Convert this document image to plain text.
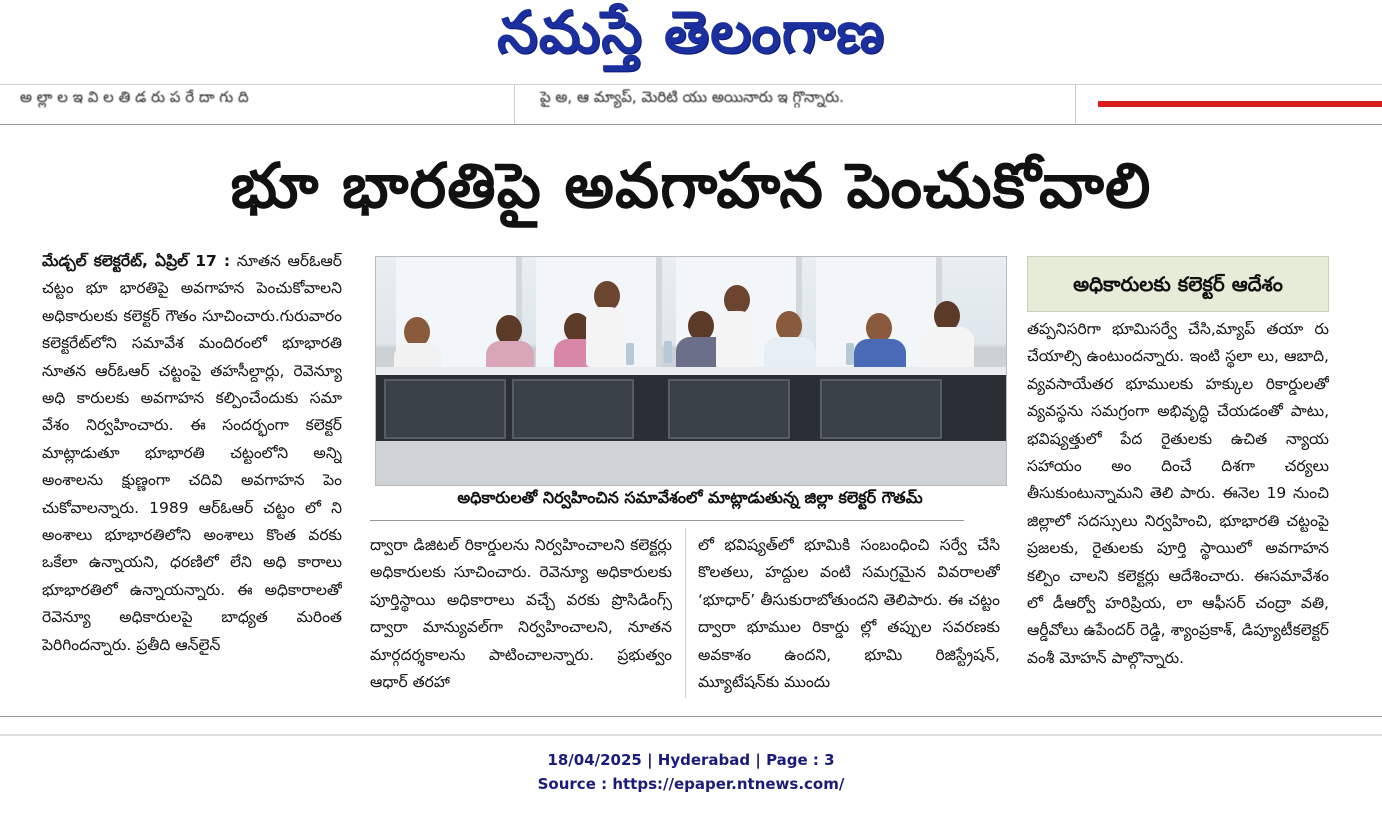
నమస్తే తెలంగాణ
అ ల్లా ల ఇ వి ల తి డ రు ప రే దా గు ది	పై అ, ఆ మ్యాప్, మెరిటి యు అయినారు ఇ గ్గొన్నారు.
భూ భారతిపై అవగాహన పెంచుకోవాలి

మేడ్చల్ కలెక్టరేట్, ఏప్రిల్ 17 : నూతన ఆర్‌ఓఆర్ చట్టం భూ భారతిపై అవగాహన పెంచుకోవాలని అధికారులకు కలెక్టర్ గౌతం సూచించారు.గురువారం కలెక్టరేట్‌లోని సమావేశ మందిరంలో భూభారతి నూతన ఆర్‌ఓఆర్ చట్టంపై తహసీల్దార్లు, రెవెన్యూ అధి కారులకు అవగాహన కల్పించేందుకు సమా వేశం నిర్వహించారు. ఈ సందర్భంగా కలెక్టర్ మాట్లాడుతూ భూభారతి చట్టంలోని అన్ని అంశాలను క్షుణ్ణంగా చదివి అవగాహన పెం చుకోవాలన్నారు. 1989 ఆర్‌ఓఆర్ చట్టం లో ని అంశాలు భూభారతిలోని అంశాలు కొంత వరకు ఒకేలా ఉన్నాయని, ధరణిలో లేని అధి కారాలు భూభారతిలో ఉన్నాయన్నారు. ఈ అధికారాలతో రెవెన్యూ అధికారులపై బాధ్యత మరింత పెరిగిందన్నారు. ప్రతీది ఆన్‌లైన్

అధికారులతో నిర్వహించిన సమావేశంలో మాట్లాడుతున్న జిల్లా కలెక్టర్ గౌతమ్

ద్వారా డిజిటల్ రికార్డులను నిర్వహించాలని కలెక్టర్లు అధికారులకు సూచించారు. రెవెన్యూ అధికారులకు పూర్తిస్థాయి అధికారాలు వచ్చే వరకు ప్రొసిడింగ్స్ ద్వారా మాన్యువల్‌గా నిర్వహించాలని, నూతన మార్గదర్శకాలను పాటించాలన్నారు. ప్రభుత్వం ఆధార్ తరహా

లో భవిష్యత్‌లో భూమికి సంబంధించి సర్వే చేసి కొలతలు, హద్దుల వంటి సమగ్రమైన వివరాలతో ‘భూధార్’ తీసుకురాబోతుందని తెలిపారు. ఈ చట్టం ద్వారా భూముల రికార్డు ల్లో తప్పుల సవరణకు అవకాశం ఉందని, భూమి రిజిస్ట్రేషన్, మ్యూటేషన్‌కు ముందు

అధికారులకు కలెక్టర్ ఆదేశం

తప్పనిసరిగా భూమిసర్వే చేసి,మ్యాప్ తయా రు చేయాల్సి ఉంటుందన్నారు. ఇంటి స్థలా లు, ఆబాది, వ్యవసాయేతర భూములకు హక్కుల రికార్డులతో వ్యవస్థను సమగ్రంగా అభివృద్ధి చేయడంతో పాటు, భవిష్యత్తులో పేద రైతులకు ఉచిత న్యాయ సహాయం అం దించే దిశగా చర్యలు తీసుకుంటున్నామని తెలి పారు. ఈనెల 19 నుంచి జిల్లాలో సదస్సులు నిర్వహించి, భూభారతి చట్టంపై ప్రజలకు, రైతులకు పూర్తి స్థాయిలో అవగాహన కల్పిం చాలని కలెక్టర్లు ఆదేశించారు. ఈసమావేశం లో డీఆర్వో హరిప్రియ, లా ఆఫీసర్ చంద్రా వతి, ఆర్డీవోలు ఉపేందర్ రెడ్డి, శ్యాంప్రకాశ్, డిప్యూటీకలెక్టర్ వంశీ మోహన్ పాల్గొన్నారు.

18/04/2025 | Hyderabad | Page : 3
Source : https://epaper.ntnews.com/
